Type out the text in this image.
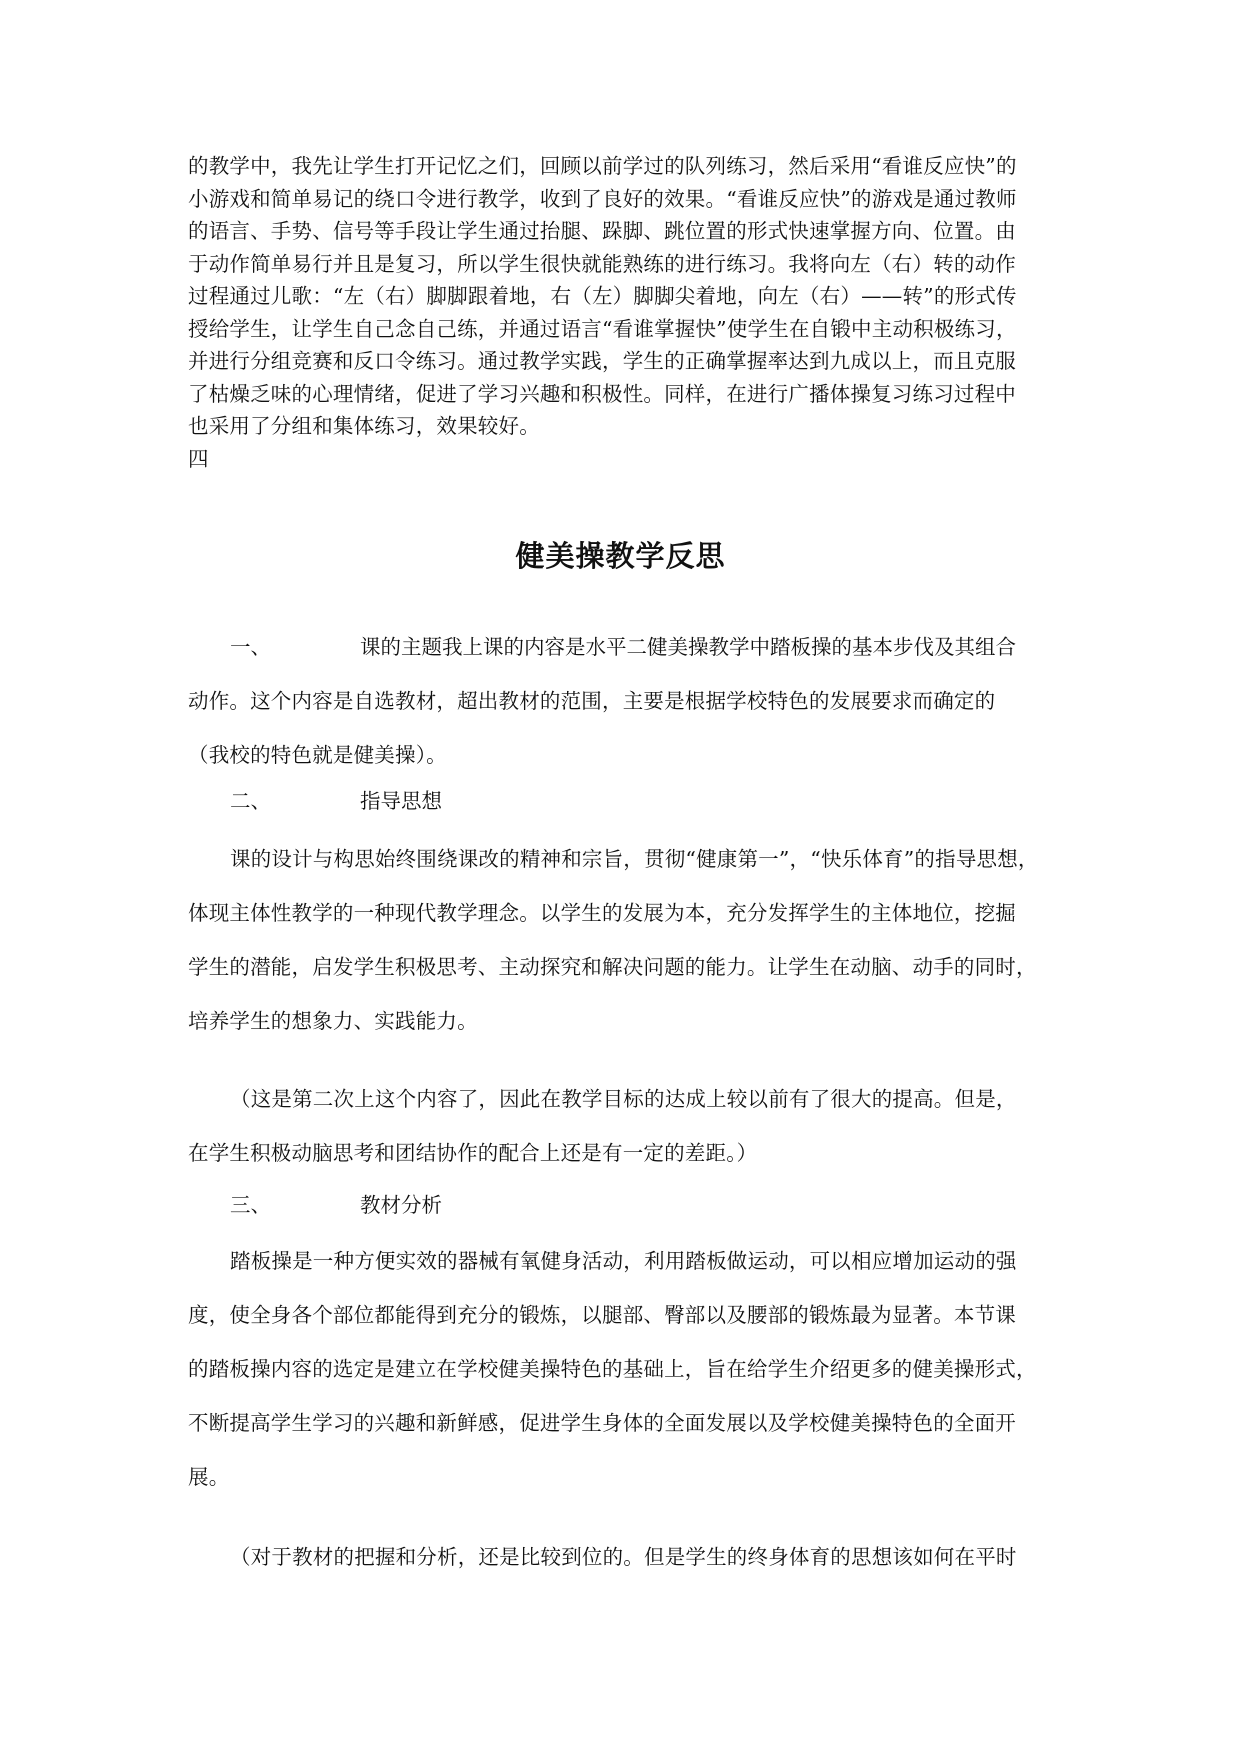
的教学中，我先让学生打开记忆之们，回顾以前学过的队列练习，然后采用“看谁反应快”的

小游戏和简单易记的绕口令进行教学，收到了良好的效果。“看谁反应快”的游戏是通过教师

的语言、手势、信号等手段让学生通过抬腿、跺脚、跳位置的形式快速掌握方向、位置。由

于动作简单易行并且是复习，所以学生很快就能熟练的进行练习。我将向左（右）转的动作

过程通过儿歌：“左（右）脚脚跟着地，右（左）脚脚尖着地，向左（右）——转”的形式传

授给学生，让学生自己念自己练，并通过语言“看谁掌握快”使学生在自锻中主动积极练习，

并进行分组竞赛和反口令练习。通过教学实践，学生的正确掌握率达到九成以上，而且克服

了枯燥乏味的心理情绪，促进了学习兴趣和积极性。同样，在进行广播体操复习练习过程中

也采用了分组和集体练习，效果较好。

四

健美操教学反思
一、	课的主题我上课的内容是水平二健美操教学中踏板操的基本步伐及其组合

动作。这个内容是自选教材，超出教材的范围，主要是根据学校特色的发展要求而确定的

（我校的特色就是健美操）。

二、	指导思想

课的设计与构思始终围绕课改的精神和宗旨，贯彻“健康第一”，“快乐体育”的指导思想，

体现主体性教学的一种现代教学理念。以学生的发展为本，充分发挥学生的主体地位，挖掘

学生的潜能，启发学生积极思考、主动探究和解决问题的能力。让学生在动脑、动手的同时，

培养学生的想象力、实践能力。

（这是第二次上这个内容了，因此在教学目标的达成上较以前有了很大的提高。但是，

在学生积极动脑思考和团结协作的配合上还是有一定的差距。）

三、	教材分析

踏板操是一种方便实效的器械有氧健身活动，利用踏板做运动，可以相应增加运动的强

度，使全身各个部位都能得到充分的锻炼，以腿部、臀部以及腰部的锻炼最为显著。本节课

的踏板操内容的选定是建立在学校健美操特色的基础上，旨在给学生介绍更多的健美操形式，

不断提高学生学习的兴趣和新鲜感，促进学生身体的全面发展以及学校健美操特色的全面开

展。

（对于教材的把握和分析，还是比较到位的。但是学生的终身体育的思想该如何在平时
